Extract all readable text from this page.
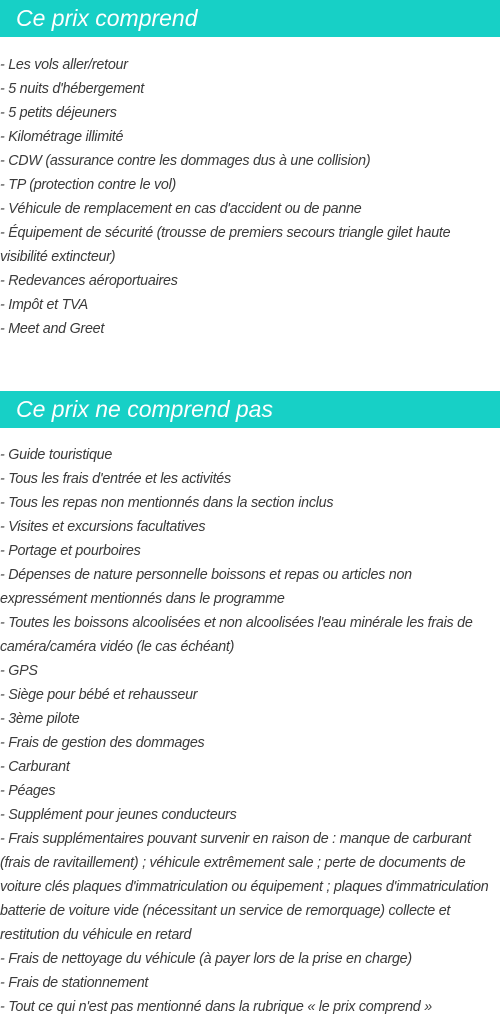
Ce prix comprend
- Les vols aller/retour
- 5 nuits d'hébergement
- 5 petits déjeuners
- Kilométrage illimité
- CDW (assurance contre les dommages dus à une collision)
- TP (protection contre le vol)
- Véhicule de remplacement en cas d'accident ou de panne
- Équipement de sécurité (trousse de premiers secours triangle gilet haute visibilité extincteur)
- Redevances aéroportuaires
- Impôt et TVA
- Meet and Greet
Ce prix ne comprend pas
- Guide touristique
- Tous les frais d'entrée et les activités
- Tous les repas non mentionnés dans la section inclus
- Visites et excursions facultatives
- Portage et pourboires
- Dépenses de nature personnelle boissons et repas ou articles non expressément mentionnés dans le programme
- Toutes les boissons alcoolisées et non alcoolisées l'eau minérale les frais de caméra/caméra vidéo (le cas échéant)
- GPS
- Siège pour bébé et rehausseur
- 3ème pilote
- Frais de gestion des dommages
- Carburant
- Péages
- Supplément pour jeunes conducteurs
- Frais supplémentaires pouvant survenir en raison de : manque de carburant (frais de ravitaillement) ; véhicule extrêmement sale ; perte de documents de voiture clés plaques d'immatriculation ou équipement ; plaques d'immatriculation batterie de voiture vide (nécessitant un service de remorquage) collecte et restitution du véhicule en retard
- Frais de nettoyage du véhicule (à payer lors de la prise en charge)
- Frais de stationnement
- Tout ce qui n'est pas mentionné dans la rubrique « le prix comprend »
